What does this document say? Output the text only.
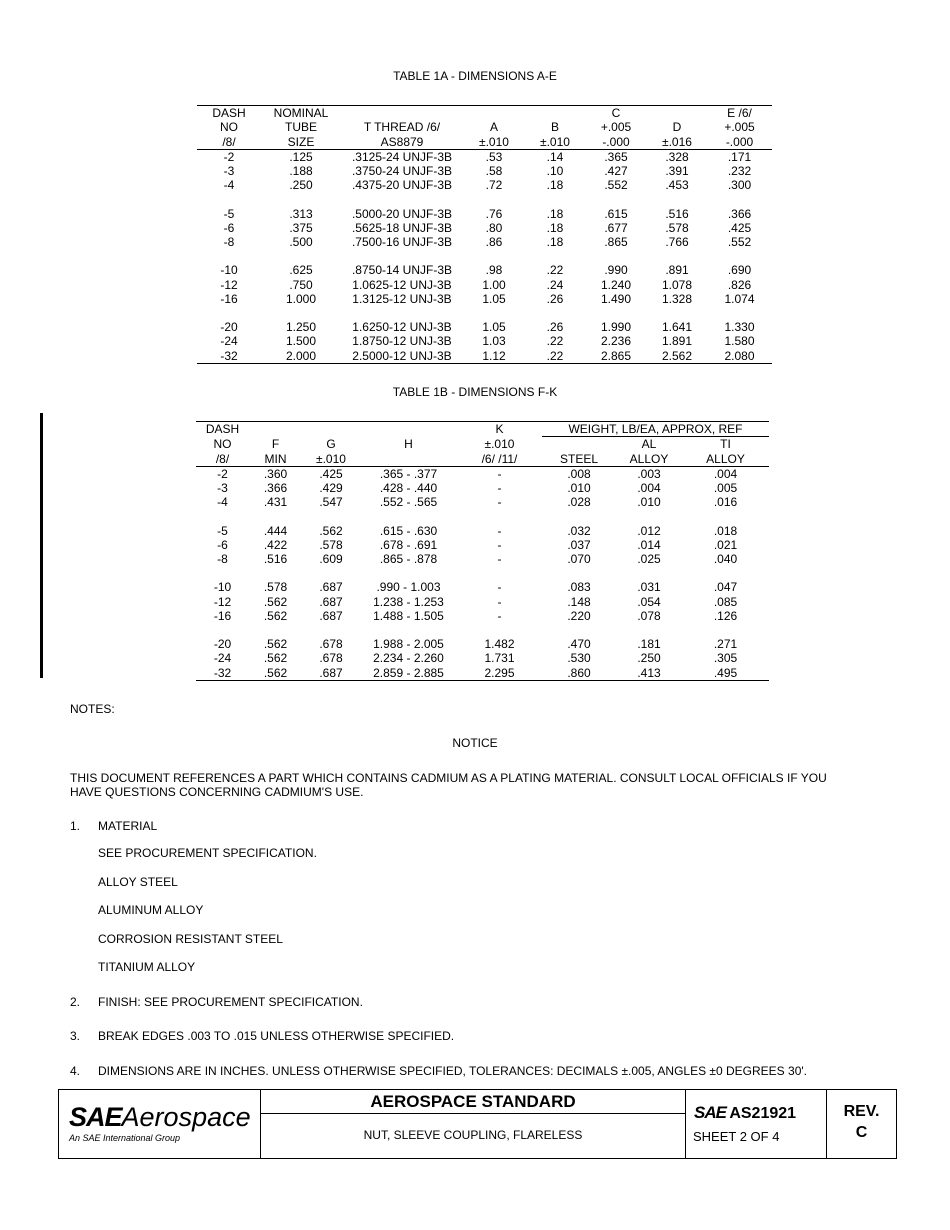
TABLE 1A - DIMENSIONS A-E
DASH	NOMINAL				C		E /6/
NO	TUBE	T THREAD /6/	A	B	+.005	D	+.005
/8/	SIZE	AS8879	±.010	±.010	-.000	±.016	-.000
-2	.125	.3125-24 UNJF-3B	.53	.14	.365	.328	.171
-3	.188	.3750-24 UNJF-3B	.58	.10	.427	.391	.232
-4	.250	.4375-20 UNJF-3B	.72	.18	.552	.453	.300

-5	.313	.5000-20 UNJF-3B	.76	.18	.615	.516	.366
-6	.375	.5625-18 UNJF-3B	.80	.18	.677	.578	.425
-8	.500	.7500-16 UNJF-3B	.86	.18	.865	.766	.552

-10	.625	.8750-14 UNJF-3B	.98	.22	.990	.891	.690
-12	.750	1.0625-12 UNJ-3B	1.00	.24	1.240	1.078	.826
-16	1.000	1.3125-12 UNJ-3B	1.05	.26	1.490	1.328	1.074

-20	1.250	1.6250-12 UNJ-3B	1.05	.26	1.990	1.641	1.330
-24	1.500	1.8750-12 UNJ-3B	1.03	.22	2.236	1.891	1.580
-32	2.000	2.5000-12 UNJ-3B	1.12	.22	2.865	2.562	2.080
TABLE 1B - DIMENSIONS F-K
DASH				K	WEIGHT, LB/EA, APPROX, REF		
NO	F	G	H	±.010		AL	TI
/8/	MIN	±.010		/6/ /11/	STEEL	ALLOY	ALLOY
-2	.360	.425	.365 - .377	-	.008	.003	.004
-3	.366	.429	.428 - .440	-	.010	.004	.005
-4	.431	.547	.552 - .565	-	.028	.010	.016

-5	.444	.562	.615 - .630	-	.032	.012	.018
-6	.422	.578	.678 - .691	-	.037	.014	.021
-8	.516	.609	.865 - .878	-	.070	.025	.040

-10	.578	.687	.990 - 1.003	-	.083	.031	.047
-12	.562	.687	1.238 - 1.253	-	.148	.054	.085
-16	.562	.687	1.488 - 1.505	-	.220	.078	.126

-20	.562	.678	1.988 - 2.005	1.482	.470	.181	.271
-24	.562	.678	2.234 - 2.260	1.731	.530	.250	.305
-32	.562	.687	2.859 - 2.885	2.295	.860	.413	.495
NOTES:
NOTICE
THIS DOCUMENT REFERENCES A PART WHICH CONTAINS CADMIUM AS A PLATING MATERIAL. CONSULT LOCAL OFFICIALS IF YOU
HAVE QUESTIONS CONCERNING CADMIUM'S USE.
1. MATERIAL
SEE PROCUREMENT SPECIFICATION.
ALLOY STEEL
ALUMINUM ALLOY
CORROSION RESISTANT STEEL
TITANIUM ALLOY
2. FINISH: SEE PROCUREMENT SPECIFICATION.
3. BREAK EDGES .003 TO .015 UNLESS OTHERWISE SPECIFIED.
4. DIMENSIONS ARE IN INCHES. UNLESS OTHERWISE SPECIFIED, TOLERANCES: DECIMALS ±.005, ANGLES ±0 DEGREES 30'.
SAEAerospace
An SAE International Group
AEROSPACE STANDARD
NUT, SLEEVE COUPLING, FLARELESS
SAE AS21921
SHEET 2 OF 4
REV.
C
